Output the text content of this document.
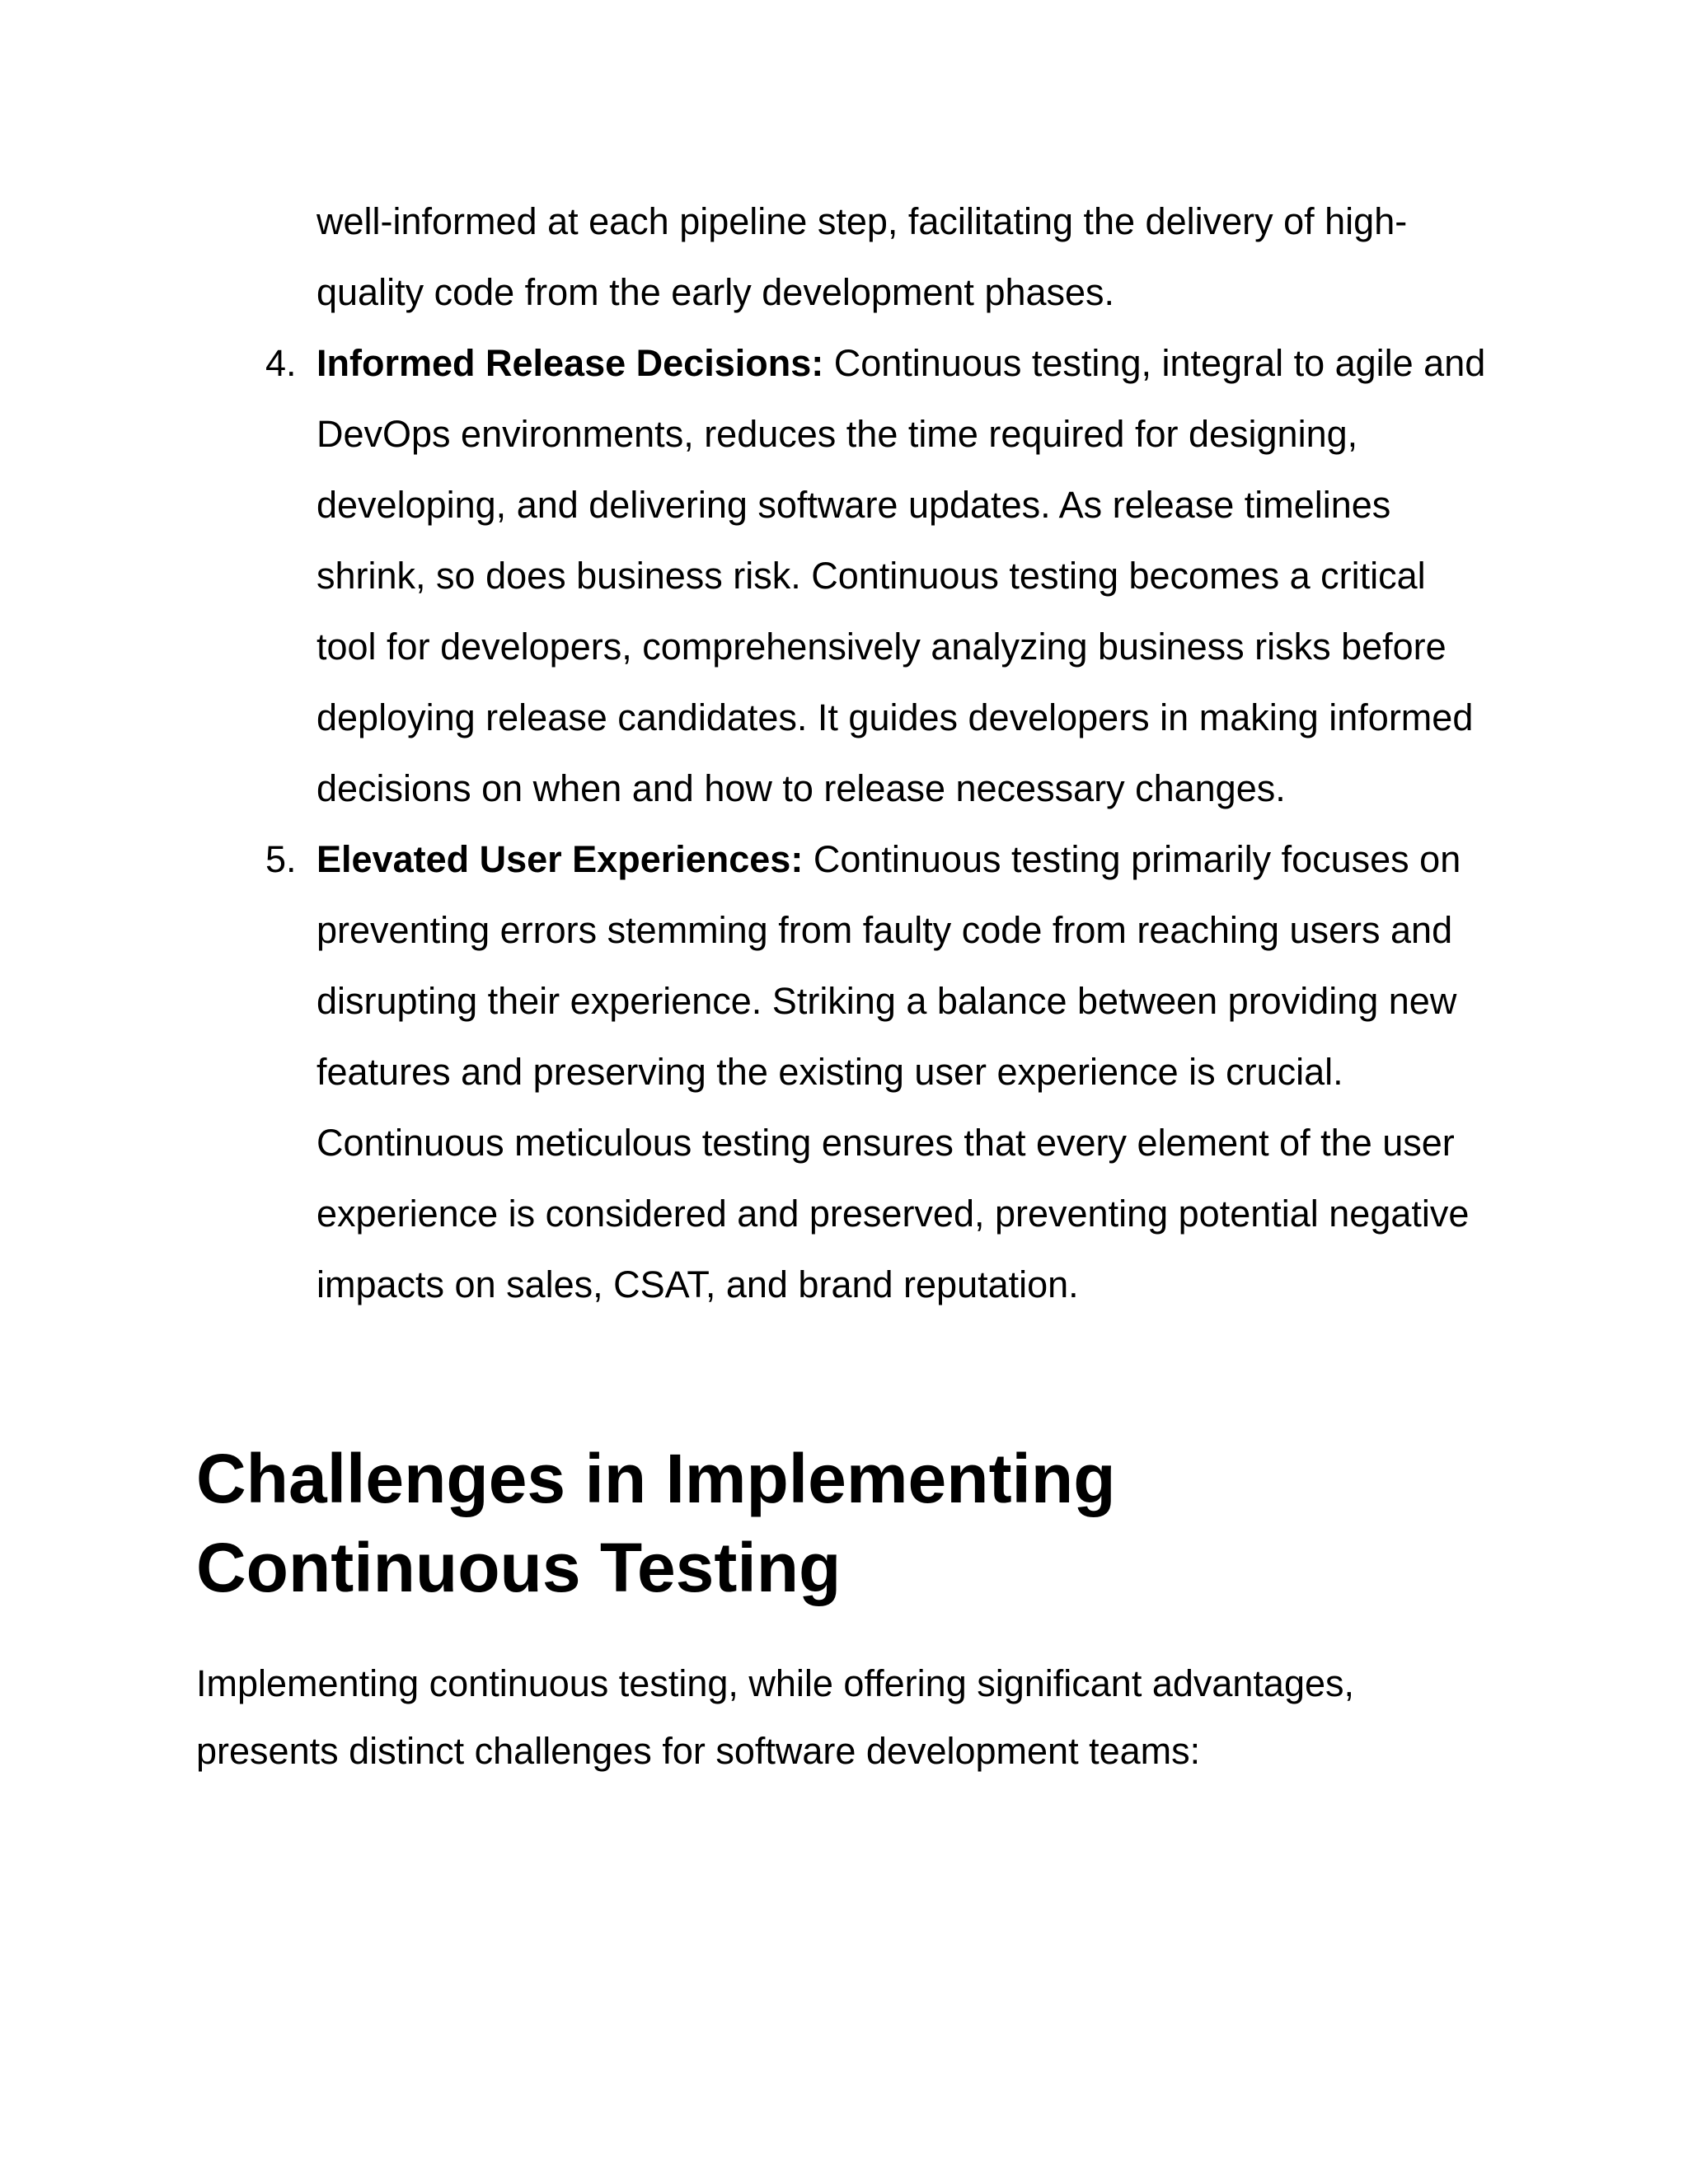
well-informed at each pipeline step, facilitating the delivery of high-quality code from the early development phases.

4. Informed Release Decisions: Continuous testing, integral to agile and DevOps environments, reduces the time required for designing, developing, and delivering software updates. As release timelines shrink, so does business risk. Continuous testing becomes a critical tool for developers, comprehensively analyzing business risks before deploying release candidates. It guides developers in making informed decisions on when and how to release necessary changes.
5. Elevated User Experiences: Continuous testing primarily focuses on preventing errors stemming from faulty code from reaching users and disrupting their experience. Striking a balance between providing new features and preserving the existing user experience is crucial. Continuous meticulous testing ensures that every element of the user experience is considered and preserved, preventing potential negative impacts on sales, CSAT, and brand reputation.
Challenges in Implementing Continuous Testing

Implementing continuous testing, while offering significant advantages, presents distinct challenges for software development teams:
